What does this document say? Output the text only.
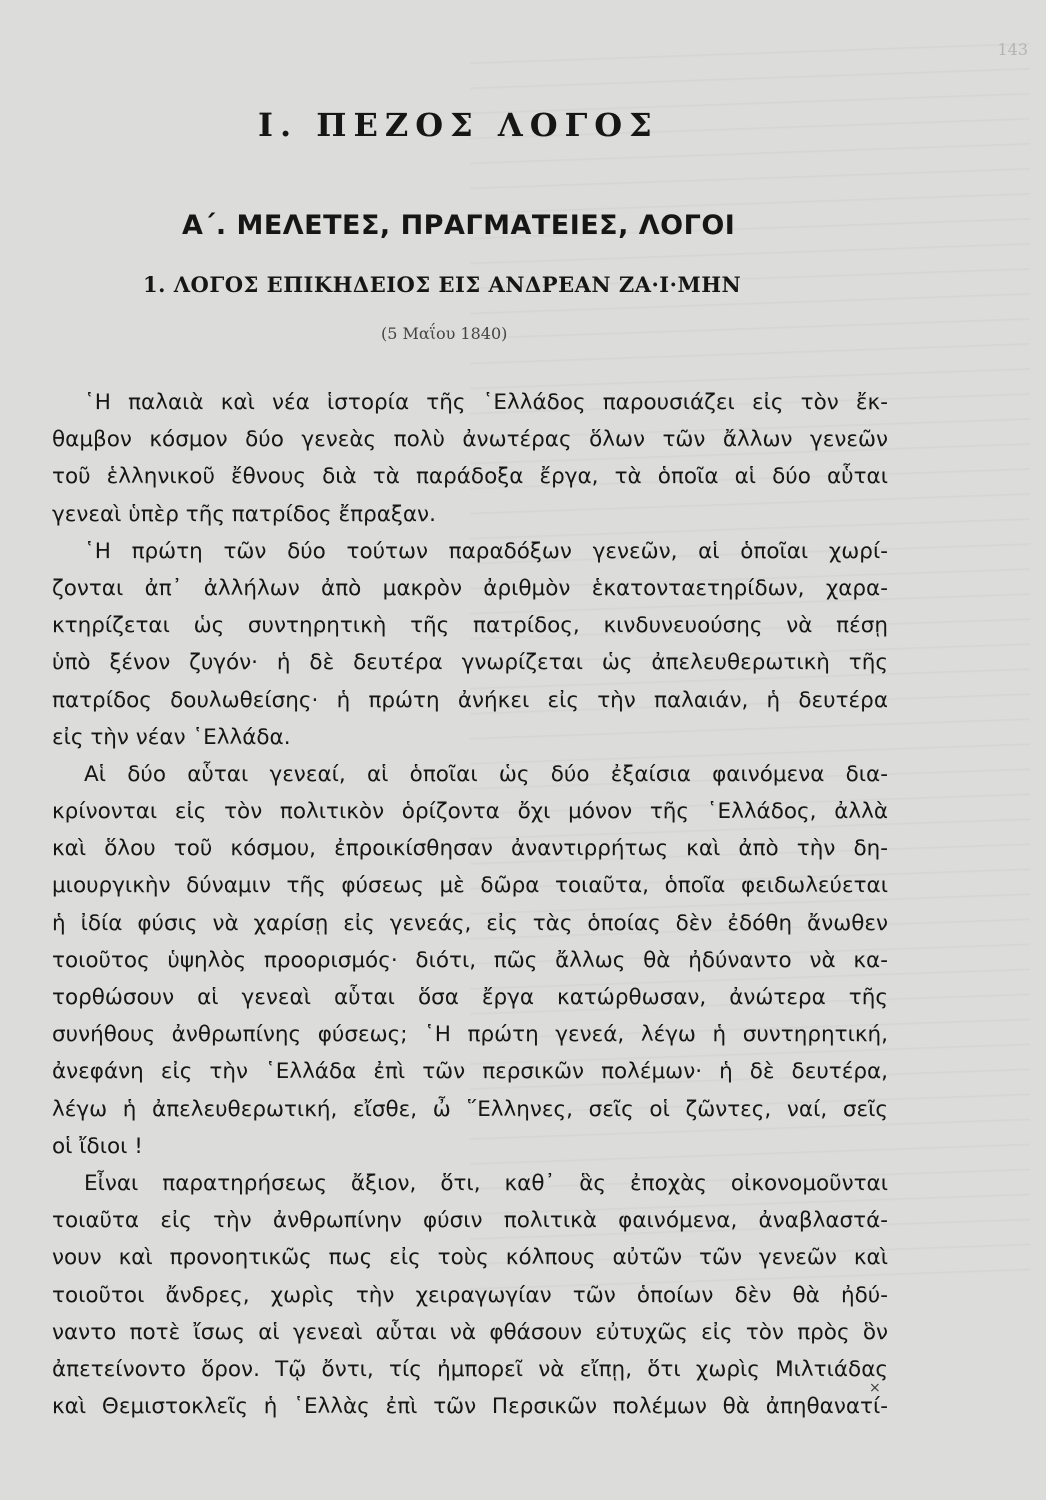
143
I. ΠΕΖΟΣ ΛΟΓΟΣ
Α΄. ΜΕΛΕΤΕΣ, ΠΡΑΓΜΑΤΕΙΕΣ, ΛΟΓΟΙ
1. ΛΟΓΟΣ ΕΠΙΚΗΔΕΙΟΣ ΕΙΣ ΑΝΔΡΕΑΝ ΖΑ·Ι·ΜΗΝ

(5 Μαΐου 1840)

῾Η παλαιὰ καὶ νέα ἱστορία τῆς ῾Ελλάδος παρουσιάζει εἰς τὸν ἔκ-
θαμβον κόσμον δύο γενεὰς πολὺ ἀνωτέρας ὅλων τῶν ἄλλων γενεῶν
τοῦ ἑλληνικοῦ ἔθνους διὰ τὰ παράδοξα ἔργα, τὰ ὁποῖα αἱ δύο αὗται
γενεαὶ ὑπὲρ τῆς πατρίδος ἔπραξαν.
῾Η πρώτη τῶν δύο τούτων παραδόξων γενεῶν, αἱ ὁποῖαι χωρί-
ζονται ἀπ᾽ ἀλλήλων ἀπὸ μακρὸν ἀριθμὸν ἑκατονταετηρίδων, χαρα-
κτηρίζεται ὡς συντηρητικὴ τῆς πατρίδος, κινδυνευούσης νὰ πέσῃ
ὑπὸ ξένον ζυγόν· ἡ δὲ δευτέρα γνωρίζεται ὡς ἀπελευθερωτικὴ τῆς
πατρίδος δουλωθείσης· ἡ πρώτη ἀνήκει εἰς τὴν παλαιάν, ἡ δευτέρα
εἰς τὴν νέαν ῾Ελλάδα.
Αἱ δύο αὗται γενεαί, αἱ ὁποῖαι ὡς δύο ἐξαίσια φαινόμενα δια-
κρίνονται εἰς τὸν πολιτικὸν ὁρίζοντα ὄχι μόνον τῆς ῾Ελλάδος, ἀλλὰ
καὶ ὅλου τοῦ κόσμου, ἐπροικίσθησαν ἀναντιρρήτως καὶ ἀπὸ τὴν δη-
μιουργικὴν δύναμιν τῆς φύσεως μὲ δῶρα τοιαῦτα, ὁποῖα φειδωλεύεται
ἡ ἰδία φύσις νὰ χαρίσῃ εἰς γενεάς, εἰς τὰς ὁποίας δὲν ἐδόθη ἄνωθεν
τοιοῦτος ὑψηλὸς προορισμός· διότι, πῶς ἄλλως θὰ ἠδύναντο νὰ κα-
τορθώσουν αἱ γενεαὶ αὗται ὅσα ἔργα κατώρθωσαν, ἀνώτερα τῆς
συνήθους ἀνθρωπίνης φύσεως; ῾Η πρώτη γενεά, λέγω ἡ συντηρητική,
ἀνεφάνη εἰς τὴν ῾Ελλάδα ἐπὶ τῶν περσικῶν πολέμων· ἡ δὲ δευτέρα,
λέγω ἡ ἀπελευθερωτική, εἴσθε, ὦ ῞Ελληνες, σεῖς οἱ ζῶντες, ναί, σεῖς
οἱ ἴδιοι !
Εἶναι παρατηρήσεως ἄξιον, ὅτι, καθ᾽ ἃς ἐποχὰς οἰκονομοῦνται
τοιαῦτα εἰς τὴν ἀνθρωπίνην φύσιν πολιτικὰ φαινόμενα, ἀναβλαστά-
νουν καὶ προνοητικῶς πως εἰς τοὺς κόλπους αὐτῶν τῶν γενεῶν καὶ
τοιοῦτοι ἄνδρες, χωρὶς τὴν χειραγωγίαν τῶν ὁποίων δὲν θὰ ἠδύ-
ναντο ποτὲ ἴσως αἱ γενεαὶ αὗται νὰ φθάσουν εὐτυχῶς εἰς τὸν πρὸς ὃν
ἀπετείνοντο ὅρον. Τῷ ὄντι, τίς ἠμπορεῖ νὰ εἴπῃ, ὅτι χωρὶς Μιλτιάδας
καὶ Θεμιστοκλεῖς ἡ ῾Ελλὰς ἐπὶ τῶν Περσικῶν πολέμων θὰ ἀπηθανατί-
×
